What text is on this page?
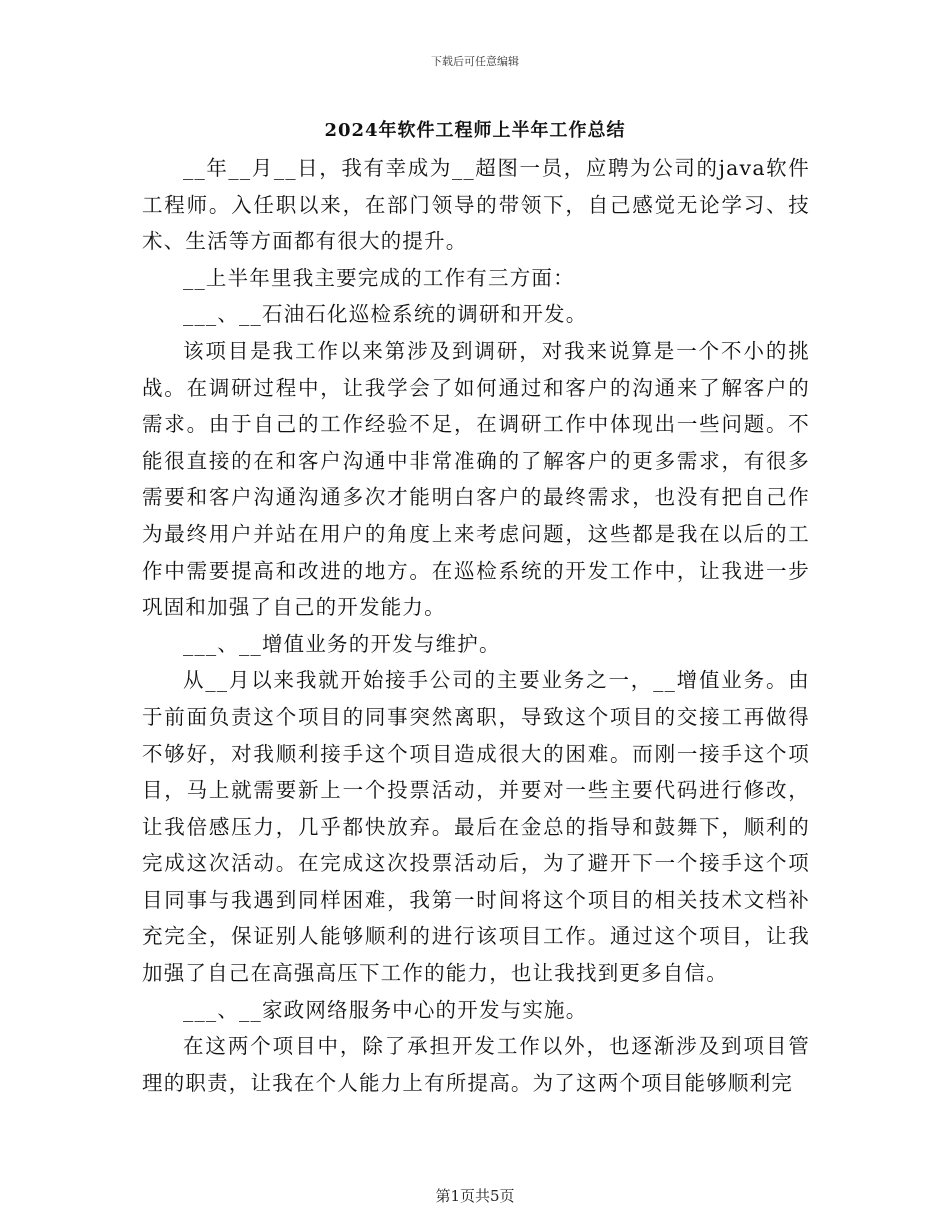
下载后可任意编辑
2024年软件工程师上半年工作总结

__年__月__日，我有幸成为__超图一员，应聘为公司的java软件工程师。入任职以来，在部门领导的带领下，自己感觉无论学习、技术、生活等方面都有很大的提升。

__上半年里我主要完成的工作有三方面：

___、__石油石化巡检系统的调研和开发。

该项目是我工作以来第涉及到调研，对我来说算是一个不小的挑战。在调研过程中，让我学会了如何通过和客户的沟通来了解客户的需求。由于自己的工作经验不足，在调研工作中体现出一些问题。不能很直接的在和客户沟通中非常准确的了解客户的更多需求，有很多需要和客户沟通沟通多次才能明白客户的最终需求，也没有把自己作为最终用户并站在用户的角度上来考虑问题，这些都是我在以后的工作中需要提高和改进的地方。在巡检系统的开发工作中，让我进一步巩固和加强了自己的开发能力。

___、__增值业务的开发与维护。

从__月以来我就开始接手公司的主要业务之一，__增值业务。由于前面负责这个项目的同事突然离职，导致这个项目的交接工再做得不够好，对我顺利接手这个项目造成很大的困难。而刚一接手这个项目，马上就需要新上一个投票活动，并要对一些主要代码进行修改，让我倍感压力，几乎都快放弃。最后在金总的指导和鼓舞下，顺利的完成这次活动。在完成这次投票活动后，为了避开下一个接手这个项目同事与我遇到同样困难，我第一时间将这个项目的相关技术文档补充完全，保证别人能够顺利的进行该项目工作。通过这个项目，让我加强了自己在高强高压下工作的能力，也让我找到更多自信。

___、__家政网络服务中心的开发与实施。

在这两个项目中，除了承担开发工作以外，也逐渐涉及到项目管理的职责，让我在个人能力上有所提高。为了这两个项目能够顺利完

第1页共5页
